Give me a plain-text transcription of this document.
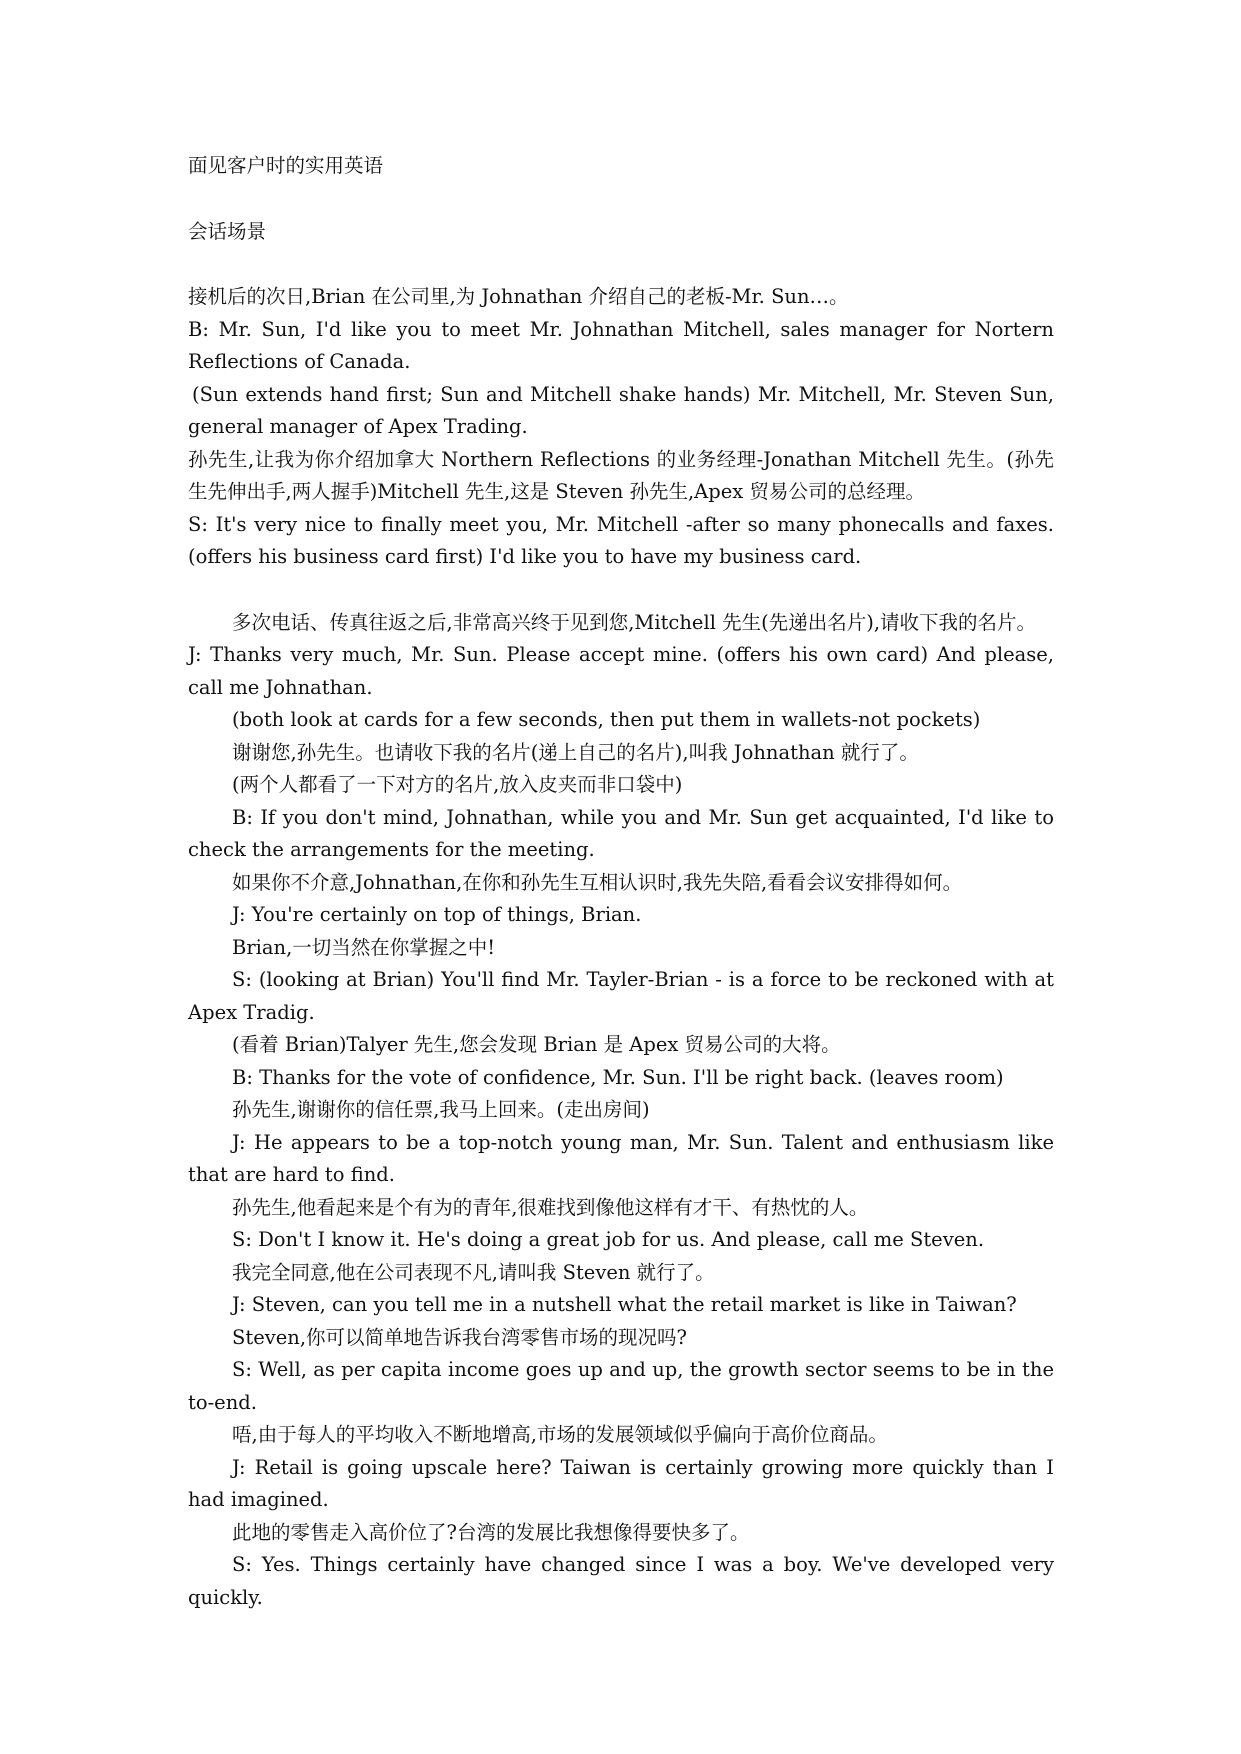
面见客户时的实用英语

会话场景

接机后的次日,Brian 在公司里,为 Johnathan 介绍自己的老板-Mr. Sun…。

B: Mr. Sun, I'd like you to meet Mr. Johnathan Mitchell, sales manager for Nortern Reflections of Canada.

(Sun extends hand first; Sun and Mitchell shake hands) Mr. Mitchell, Mr. Steven Sun, general manager of Apex Trading.

孙先生,让我为你介绍加拿大 Northern Reflections 的业务经理-Jonathan Mitchell 先生。(孙先生先伸出手,两人握手)Mitchell 先生,这是 Steven 孙先生,Apex 贸易公司的总经理。

S: It's very nice to finally meet you, Mr. Mitchell -after so many phonecalls and faxes. (offers his business card first) I'd like you to have my business card.

多次电话、传真往返之后,非常高兴终于见到您,Mitchell 先生(先递出名片),请收下我的名片。

J: Thanks very much, Mr. Sun. Please accept mine. (offers his own card) And please, call me Johnathan.

(both look at cards for a few seconds, then put them in wallets-not pockets)

谢谢您,孙先生。也请收下我的名片(递上自己的名片),叫我 Johnathan 就行了。

(两个人都看了一下对方的名片,放入皮夹而非口袋中)

B: If you don't mind, Johnathan, while you and Mr. Sun get acquainted, I'd like to check the arrangements for the meeting.

如果你不介意,Johnathan,在你和孙先生互相认识时,我先失陪,看看会议安排得如何。

J: You're certainly on top of things, Brian.

Brian,一切当然在你掌握之中!

S: (looking at Brian) You'll find Mr. Tayler-Brian - is a force to be reckoned with at Apex Tradig.

(看着 Brian)Talyer 先生,您会发现 Brian 是 Apex 贸易公司的大将。

B: Thanks for the vote of confidence, Mr. Sun. I'll be right back. (leaves room)

孙先生,谢谢你的信任票,我马上回来。(走出房间)

J: He appears to be a top-notch young man, Mr. Sun. Talent and enthusiasm like that are hard to find.

孙先生,他看起来是个有为的青年,很难找到像他这样有才干、有热忱的人。

S: Don't I know it. He's doing a great job for us. And please, call me Steven.

我完全同意,他在公司表现不凡,请叫我 Steven 就行了。

J: Steven, can you tell me in a nutshell what the retail market is like in Taiwan?

Steven,你可以简单地告诉我台湾零售市场的现况吗?

S: Well, as per capita income goes up and up, the growth sector seems to be in the to-end.

唔,由于每人的平均收入不断地增高,市场的发展领域似乎偏向于高价位商品。

J: Retail is going upscale here? Taiwan is certainly growing more quickly than I had imagined.

此地的零售走入高价位了?台湾的发展比我想像得要快多了。

S: Yes. Things certainly have changed since I was a boy. We've developed very quickly.
